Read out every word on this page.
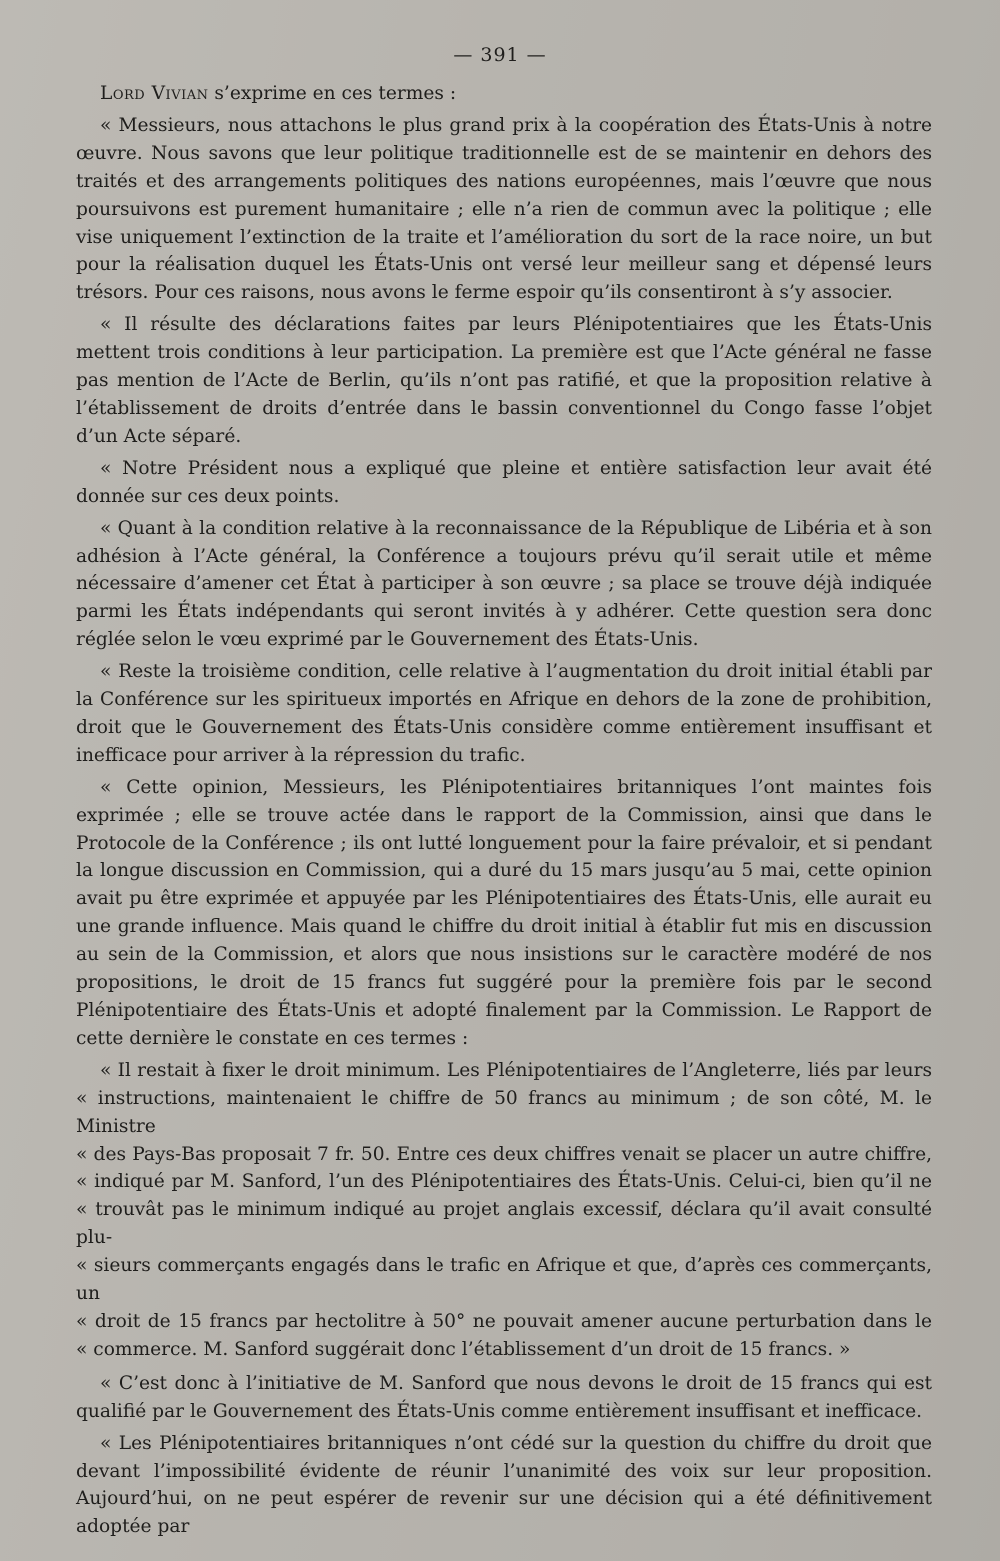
— 391 —

Lord Vivian s’exprime en ces termes :

« Messieurs, nous attachons le plus grand prix à la coopération des États-Unis à notre œuvre. Nous savons que leur politique traditionnelle est de se maintenir en dehors des traités et des arrangements politiques des nations européennes, mais l’œuvre que nous poursuivons est purement humanitaire ; elle n’a rien de commun avec la politique ; elle vise uniquement l’extinction de la traite et l’amélioration du sort de la race noire, un but pour la réalisation duquel les États-Unis ont versé leur meilleur sang et dépensé leurs trésors. Pour ces raisons, nous avons le ferme espoir qu’ils consentiront à s’y associer.

« Il résulte des déclarations faites par leurs Plénipotentiaires que les États-Unis mettent trois conditions à leur participation. La première est que l’Acte général ne fasse pas mention de l’Acte de Berlin, qu’ils n’ont pas ratifié, et que la proposition relative à l’établissement de droits d’entrée dans le bassin conventionnel du Congo fasse l’objet d’un Acte séparé.

« Notre Président nous a expliqué que pleine et entière satisfaction leur avait été donnée sur ces deux points.

« Quant à la condition relative à la reconnaissance de la République de Libéria et à son adhésion à l’Acte général, la Conférence a toujours prévu qu’il serait utile et même nécessaire d’amener cet État à participer à son œuvre ; sa place se trouve déjà indiquée parmi les États indépendants qui seront invités à y adhérer. Cette question sera donc réglée selon le vœu exprimé par le Gouvernement des États-Unis.

« Reste la troisième condition, celle relative à l’augmentation du droit initial établi par la Conférence sur les spiritueux importés en Afrique en dehors de la zone de prohibition, droit que le Gouvernement des États-Unis considère comme entièrement insuffisant et inefficace pour arriver à la répression du trafic.

« Cette opinion, Messieurs, les Plénipotentiaires britanniques l’ont maintes fois exprimée ; elle se trouve actée dans le rapport de la Commission, ainsi que dans le Protocole de la Conférence ; ils ont lutté longuement pour la faire prévaloir, et si pendant la longue discussion en Commission, qui a duré du 15 mars jusqu’au 5 mai, cette opinion avait pu être exprimée et appuyée par les Plénipotentiaires des États-Unis, elle aurait eu une grande influence. Mais quand le chiffre du droit initial à établir fut mis en discussion au sein de la Commission, et alors que nous insistions sur le caractère modéré de nos propositions, le droit de 15 francs fut suggéré pour la première fois par le second Plénipotentiaire des États-Unis et adopté finalement par la Commission. Le Rapport de cette dernière le constate en ces termes :

« Il restait à fixer le droit minimum. Les Plénipotentiaires de l’Angleterre, liés par leurs

« instructions, maintenaient le chiffre de 50 francs au minimum ; de son côté, M. le Ministre

« des Pays-Bas proposait 7 fr. 50. Entre ces deux chiffres venait se placer un autre chiffre,

« indiqué par M. Sanford, l’un des Plénipotentiaires des États-Unis. Celui-ci, bien qu’il ne

« trouvât pas le minimum indiqué au projet anglais excessif, déclara qu’il avait consulté plu-

« sieurs commerçants engagés dans le trafic en Afrique et que, d’après ces commerçants, un

« droit de 15 francs par hectolitre à 50° ne pouvait amener aucune perturbation dans le

« commerce. M. Sanford suggérait donc l’établissement d’un droit de 15 francs. »

« C’est donc à l’initiative de M. Sanford que nous devons le droit de 15 francs qui est qualifié par le Gouvernement des États-Unis comme entièrement insuffisant et inefficace.

« Les Plénipotentiaires britanniques n’ont cédé sur la question du chiffre du droit que devant l’impossibilité évidente de réunir l’unanimité des voix sur leur proposition. Aujourd’hui, on ne peut espérer de revenir sur une décision qui a été définitivement adoptée par
